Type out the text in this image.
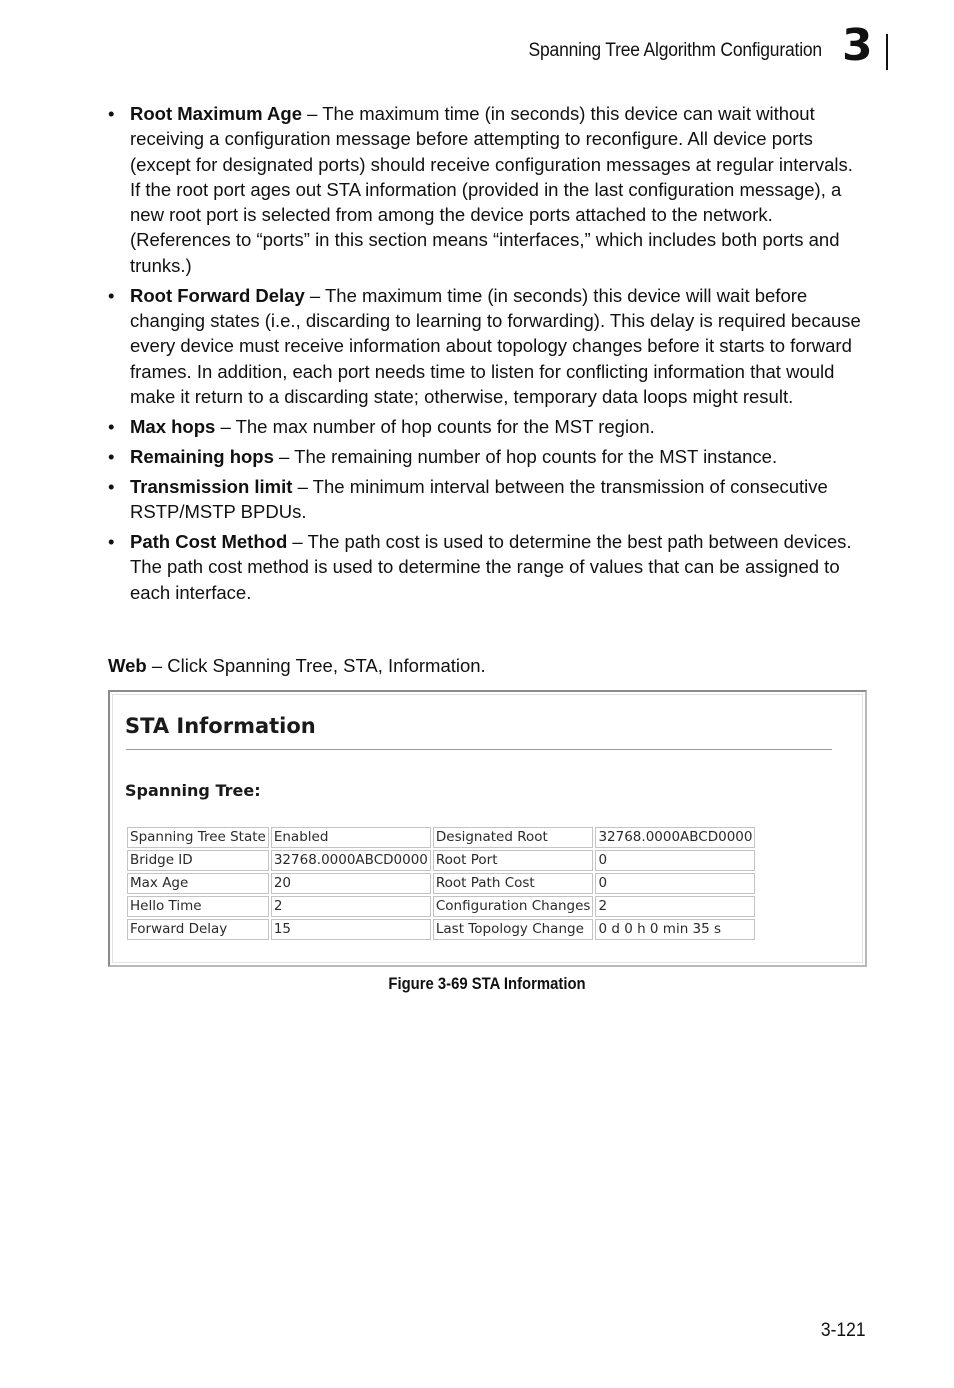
Spanning Tree Algorithm Configuration 3
• Root Maximum Age – The maximum time (in seconds) this device can wait without receiving a configuration message before attempting to reconfigure. All device ports (except for designated ports) should receive configuration messages at regular intervals. If the root port ages out STA information (provided in the last configuration message), a new root port is selected from among the device ports attached to the network. (References to “ports” in this section means “interfaces,” which includes both ports and trunks.)
• Root Forward Delay – The maximum time (in seconds) this device will wait before changing states (i.e., discarding to learning to forwarding). This delay is required because every device must receive information about topology changes before it starts to forward frames. In addition, each port needs time to listen for conflicting information that would make it return to a discarding state; otherwise, temporary data loops might result.
• Max hops – The max number of hop counts for the MST region.
• Remaining hops – The remaining number of hop counts for the MST instance.
• Transmission limit – The minimum interval between the transmission of consecutive RSTP/MSTP BPDUs.
• Path Cost Method – The path cost is used to determine the best path between devices. The path cost method is used to determine the range of values that can be assigned to each interface.
Web – Click Spanning Tree, STA, Information.
STA Information
Spanning Tree:
Spanning Tree State	Enabled	Designated Root	32768.0000ABCD0000
Bridge ID	32768.0000ABCD0000	Root Port	0
Max Age	20	Root Path Cost	0
Hello Time	2	Configuration Changes	2
Forward Delay	15	Last Topology Change	0 d 0 h 0 min 35 s
Figure 3-69 STA Information
3-121
